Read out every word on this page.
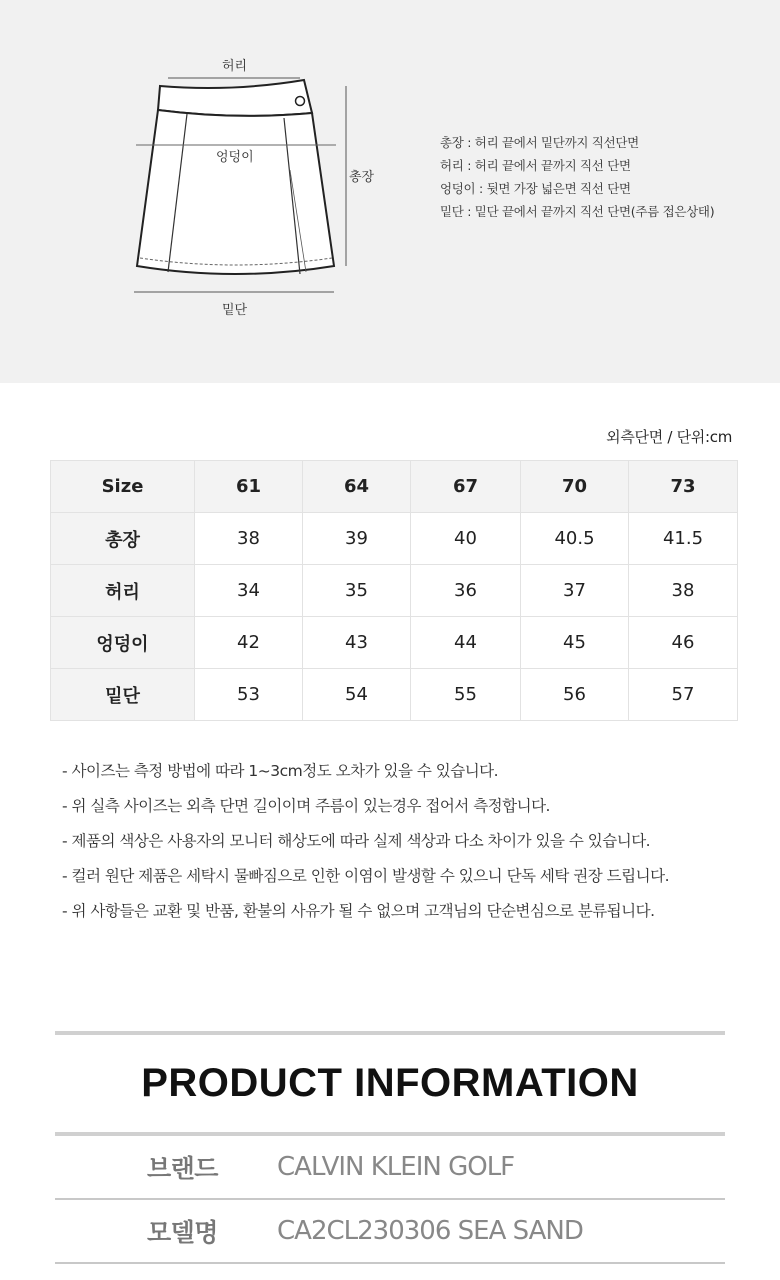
허리
엉덩이
총장
밑단
총장 : 허리 끝에서 밑단까지 직선단면
허리 : 허리 끝에서 끝까지 직선 단면
엉덩이 : 뒷면 가장 넓은면 직선 단면
밑단 : 밑단 끝에서 끝까지 직선 단면(주름 접은상태)
외측단면 / 단위:cm
Size	61	64	67	70	73
총장	38	39	40	40.5	41.5
허리	34	35	36	37	38
엉덩이	42	43	44	45	46
밑단	53	54	55	56	57
- 사이즈는 측정 방법에 따라 1~3cm정도 오차가 있을 수 있습니다.
- 위 실측 사이즈는 외측 단면 길이이며 주름이 있는경우 접어서 측정합니다.
- 제품의 색상은 사용자의 모니터 해상도에 따라 실제 색상과 다소 차이가 있을 수 있습니다.
- 컬러 원단 제품은 세탁시 물빠짐으로 인한 이염이 발생할 수 있으니 단독 세탁 권장 드립니다.
- 위 사항들은 교환 및 반품, 환불의 사유가 될 수 없으며 고객님의 단순변심으로 분류됩니다.
PRODUCT INFORMATION
브랜드	CALVIN KLEIN GOLF
모델명	CA2CL230306 SEA SAND
